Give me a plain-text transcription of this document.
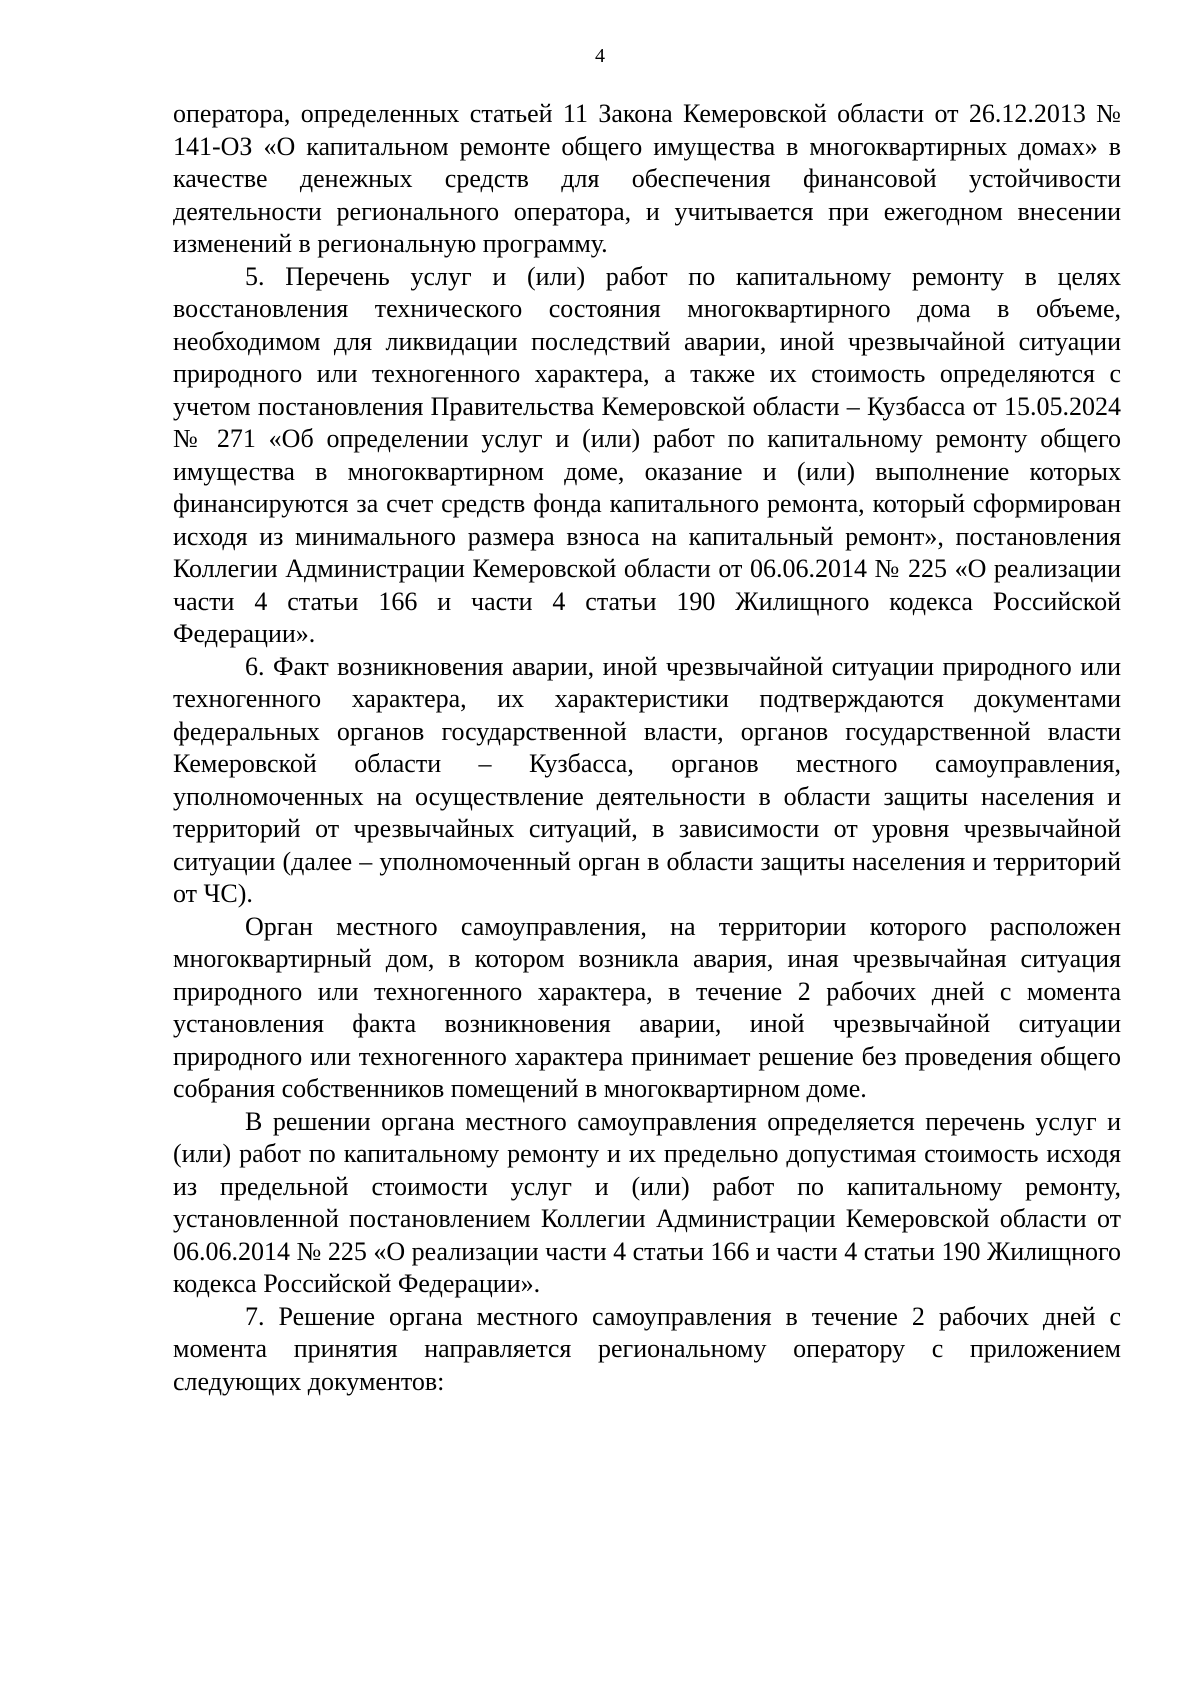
4

оператора, определенных статьей 11 Закона Кемеровской области от 26.12.2013 № 141-ОЗ «О капитальном ремонте общего имущества в многоквартирных домах» в качестве денежных средств для обеспечения финансовой устойчивости деятельности регионального оператора, и учитывается при ежегодном внесении изменений в региональную программу.

5. Перечень услуг и (или) работ по капитальному ремонту в целях восстановления технического состояния многоквартирного дома в объеме, необходимом для ликвидации последствий аварии, иной чрезвычайной ситуации природного или техногенного характера, а также их стоимость определяются с учетом постановления Правительства Кемеровской области – Кузбасса от 15.05.2024 № 271 «Об определении услуг и (или) работ по капитальному ремонту общего имущества в многоквартирном доме, оказание и (или) выполнение которых финансируются за счет средств фонда капитального ремонта, который сформирован исходя из минимального размера взноса на капитальный ремонт», постановления Коллегии Администрации Кемеровской области от 06.06.2014 № 225 «О реализации части 4 статьи 166 и части 4 статьи 190 Жилищного кодекса Российской Федерации».

6. Факт возникновения аварии, иной чрезвычайной ситуации природного или техногенного характера, их характеристики подтверждаются документами федеральных органов государственной власти, органов государственной власти Кемеровской области – Кузбасса, органов местного самоуправления, уполномоченных на осуществление деятельности в области защиты населения и территорий от чрезвычайных ситуаций, в зависимости от уровня чрезвычайной ситуации (далее – уполномоченный орган в области защиты населения и территорий от ЧС).

Орган местного самоуправления, на территории которого расположен многоквартирный дом, в котором возникла авария, иная чрезвычайная ситуация природного или техногенного характера, в течение 2 рабочих дней с момента установления факта возникновения аварии, иной чрезвычайной ситуации природного или техногенного характера принимает решение без проведения общего собрания собственников помещений в многоквартирном доме.

В решении органа местного самоуправления определяется перечень услуг и (или) работ по капитальному ремонту и их предельно допустимая стоимость исходя из предельной стоимости услуг и (или) работ по капитальному ремонту, установленной постановлением Коллегии Администрации Кемеровской области от 06.06.2014 № 225 «О реализации части 4 статьи 166 и части 4 статьи 190 Жилищного кодекса Российской Федерации».

7. Решение органа местного самоуправления в течение 2 рабочих дней с момента принятия направляется региональному оператору с приложением следующих документов:
